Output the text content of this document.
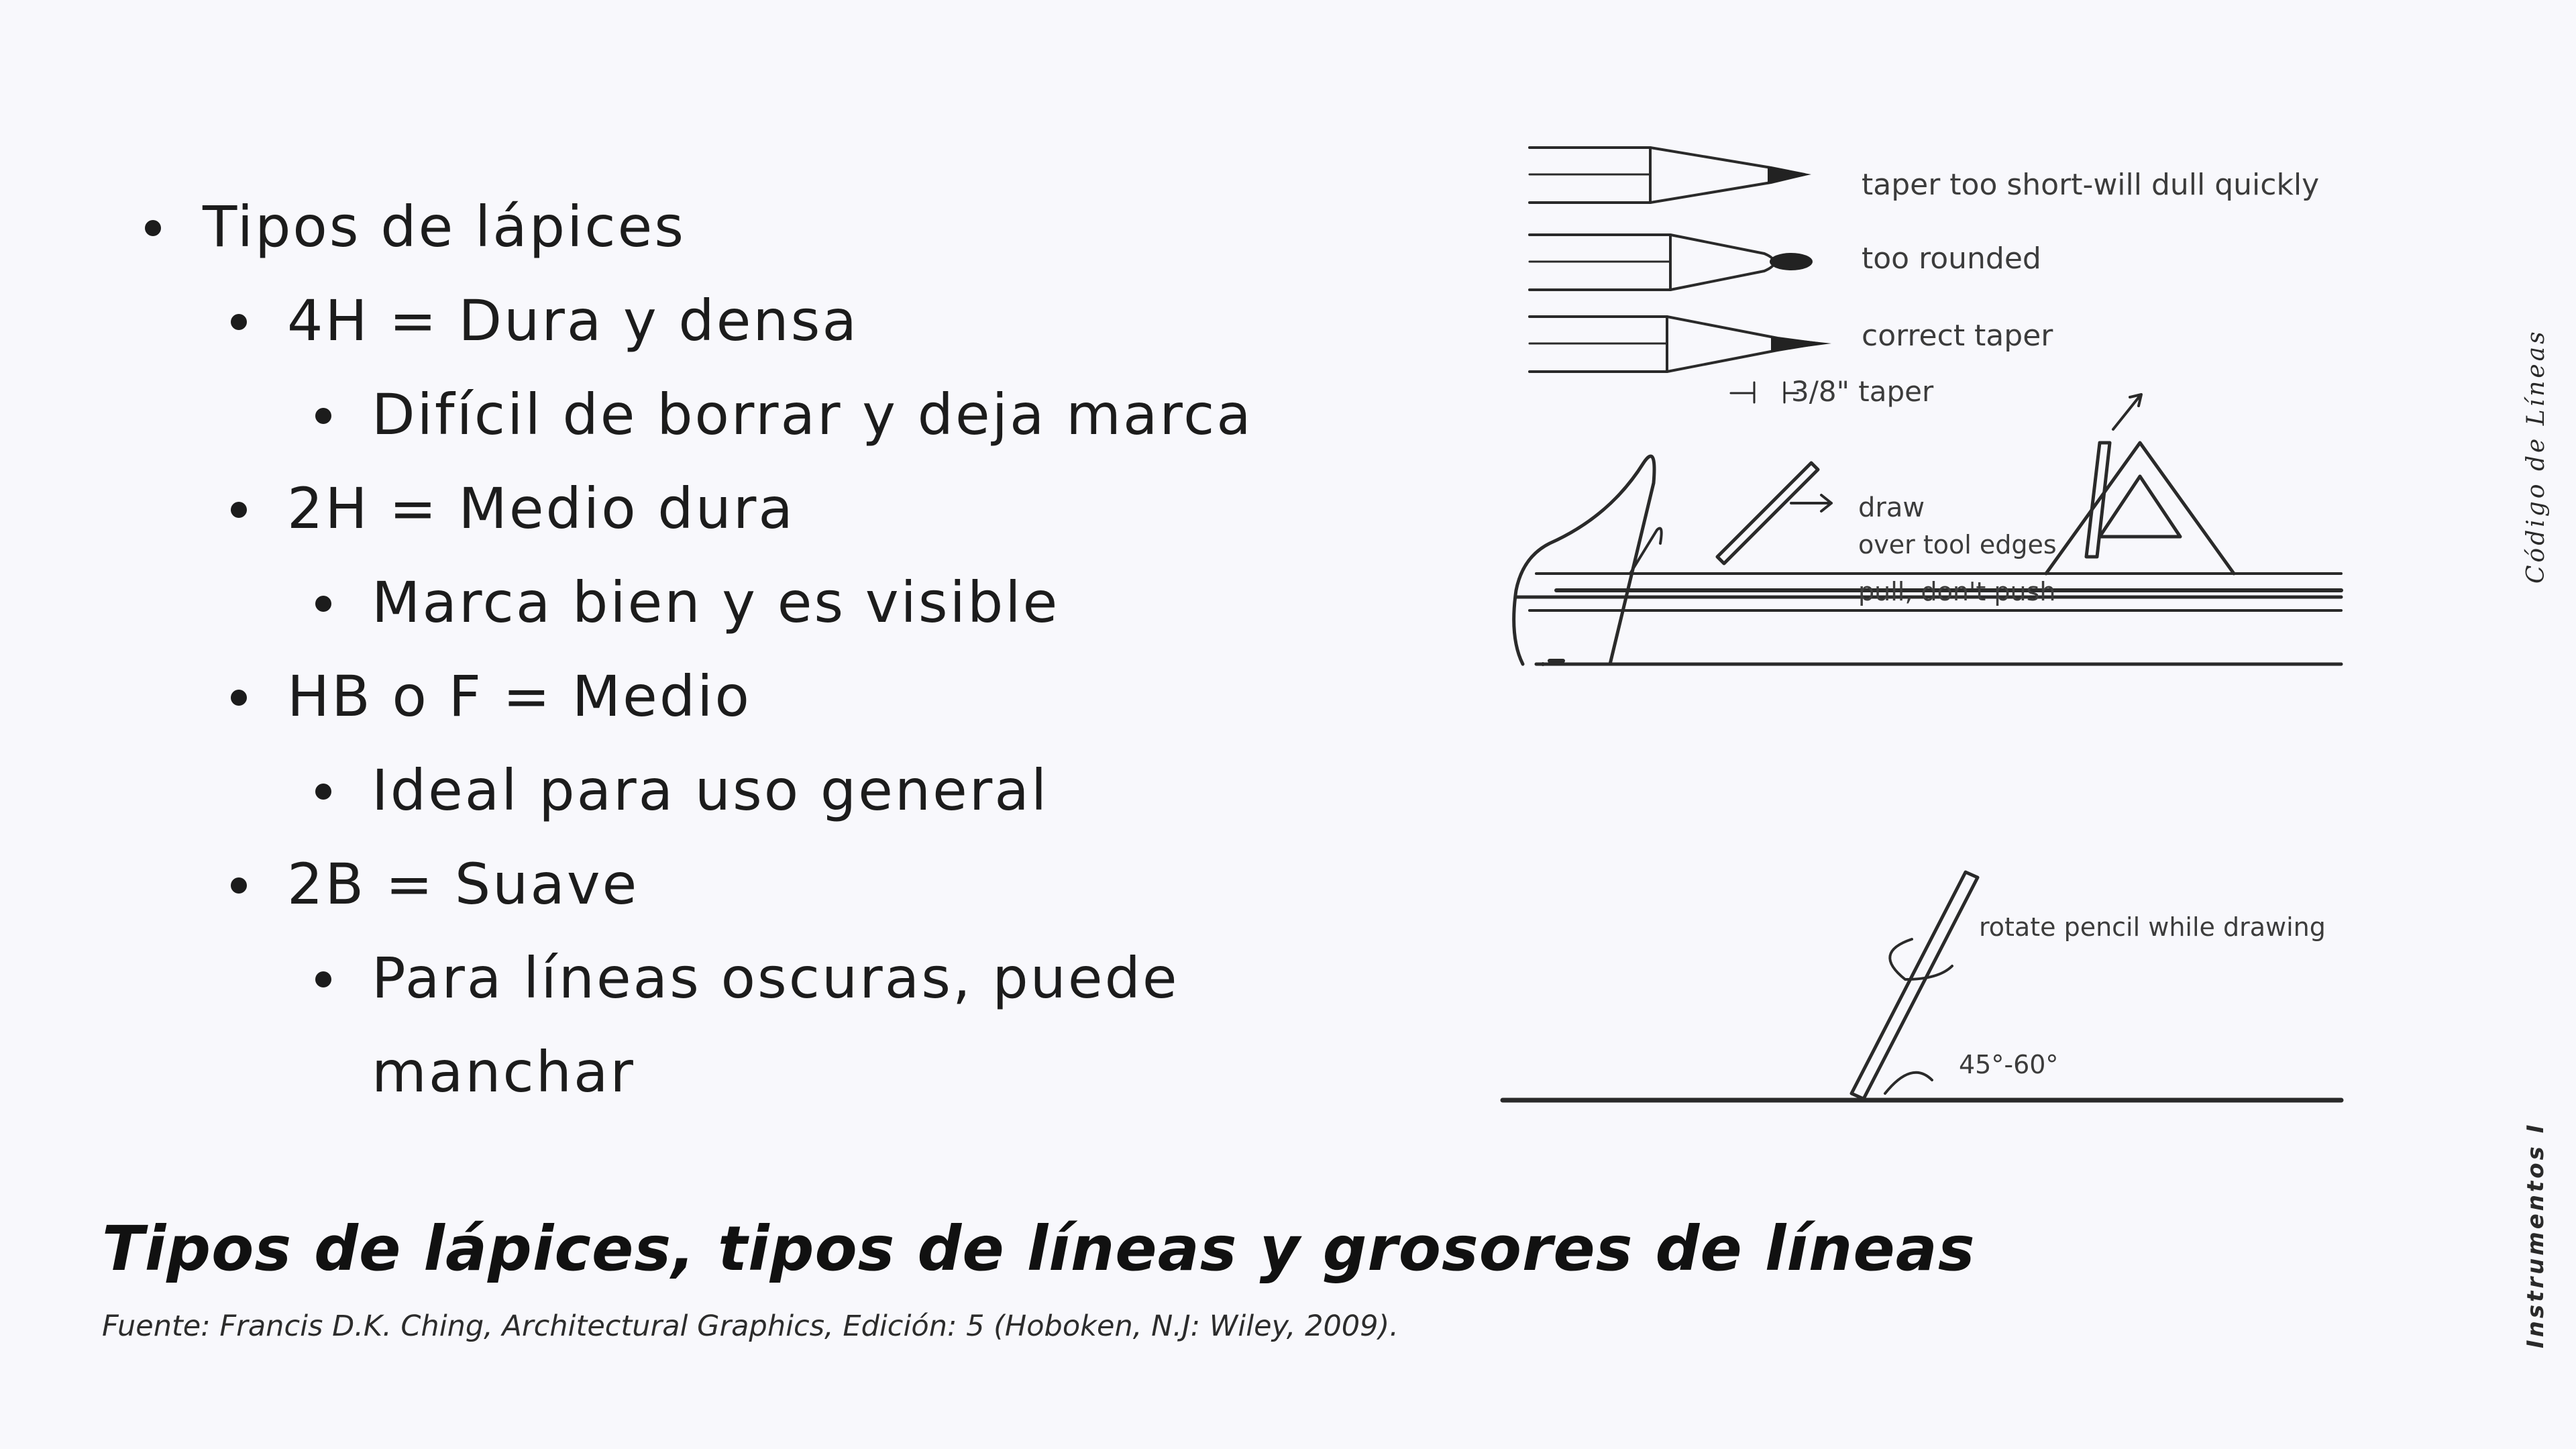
Tipos de lápices
4H = Dura y densa
Difícil de borrar y deja marca
2H = Medio dura
Marca bien y es visible
HB o F = Medio
Ideal para uso general
2B = Suave
Para líneas oscuras, puede manchar
taper too short-will dull quickly
too rounded
correct taper
3/8" taper
draw
over tool edges
pull, don't push
rotate pencil while drawing
45°-60°
Tipos de lápices, tipos de líneas y grosores de líneas

Fuente: Francis D.K. Ching, Architectural Graphics, Edición: 5 (Hoboken, N.J: Wiley, 2009).

Código de Líneas
Instrumentos I
